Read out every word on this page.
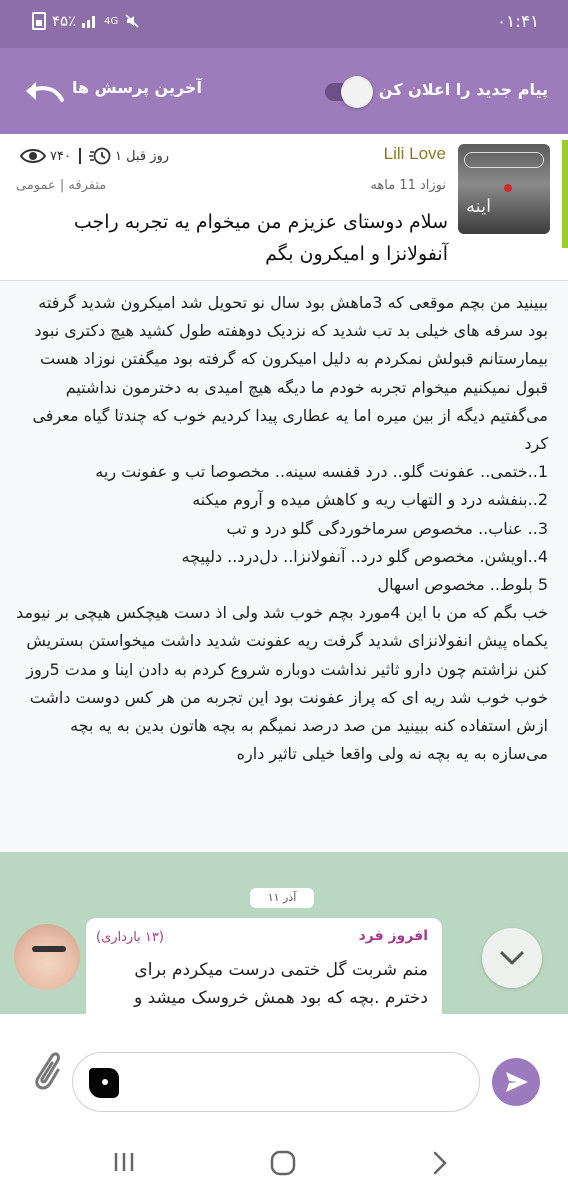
۴۵٪	4G	۰۱:۴۱
آخرین پرسش ها	پیام جدید را اعلان کن
اینه
Lili Love
نوزاد 11 ماهه
۷۴۰	۱ روز قبل
متفرقه | عمومی
سلام دوستای عزیزم من میخوام یه تجربه راجب آنفولانزا و امیکرون بگم
ببینید من بچم موقعی که 3ماهش بود سال نو تحویل شد امیکرون شدید گرفته بود سرفه های خیلی بد تب شدید که نزدیک دوهفته طول کشید هیچ دکتری نبود بیمارستانم قبولش نمکردم به دلیل امیکرون که گرفته بود میگفتن نوزاد هست قبول نمیکنیم میخوام تجربه خودم ما دیگه هیچ امیدی به دخترمون نداشتیم می‌گفتیم دیگه از بین میره اما یه عطاری پیدا کردیم خوب که چندتا گیاه معرفی کرد
1..ختمی.. عفونت گلو.. درد قفسه سینه.. مخصوصا تب و عفونت ریه
2..بنفشه درد و التهاب ریه و کاهش میده و آروم میکنه
3.. عناب.. مخصوص سرماخوردگی گلو درد و تب
4..اویشن. مخصوص گلو درد.. آنفولانزا.. دل‌درد.. دلپیچه
5 بلوط.. مخصوص اسهال
خب بگم که من با این 4مورد بچم خوب شد ولی اذ دست هیچکس هیچی بر نیومد یکماه پیش انفولانزای شدید گرفت ریه عفونت شدید داشت میخواستن بستریش کنن نزاشتم چون دارو ثاثیر نداشت دوباره شروع کردم به دادن اینا و مدت 5روز خوب خوب شد ریه ای که پراز عفونت بود این تجربه من هر کس دوست داشت ازش استفاده کنه ببینید من صد درصد نمیگم به بچه هاتون بدین به یه بچه می‌سازه به یه بچه نه ولی واقعا خیلی تاثیر داره
۱۱ آذر
افروز فرد
(۱۳ بارداری)
منم شربت گل ختمی درست میکردم برای دخترم .بچه که بود همش خروسک میشد و
